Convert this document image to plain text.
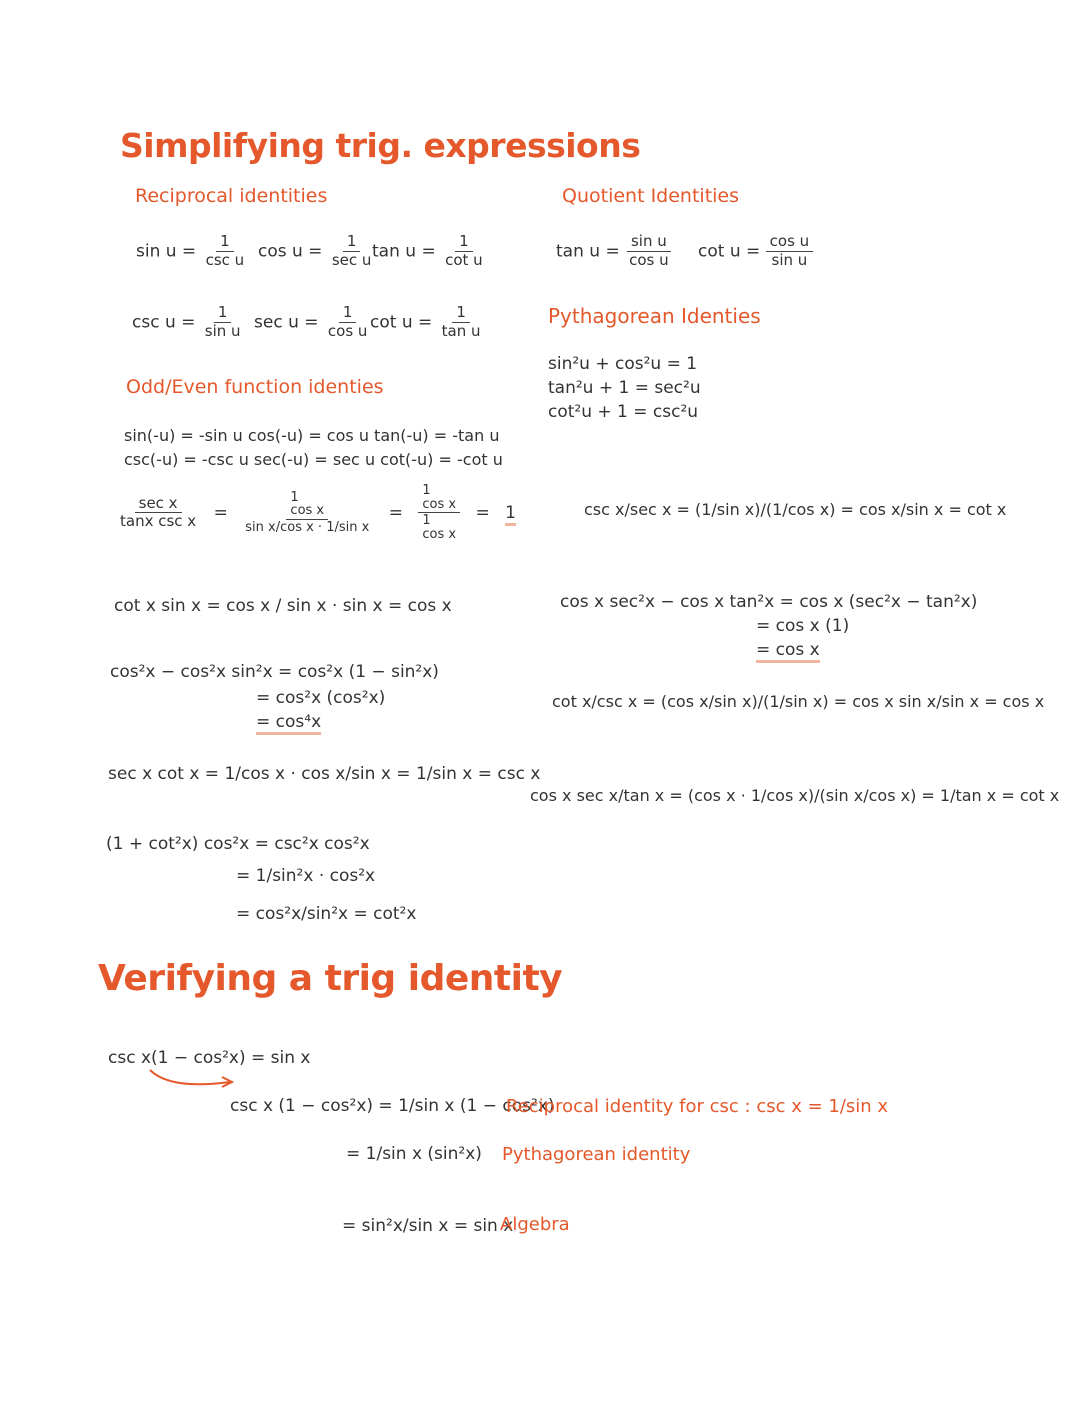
Simplifying trig. expressions
Reciprocal identities
sin u =
1
csc u cos u =
1
sec u $\tan u = \frac{1}{\text{cot u}}$
$\csc u = \frac{1}{\text{sin u}}$ $\sec u = \frac{1}{\text{cos u}}$
$\cot u = \frac{1}{\text{tan u}}$
Quotient Identities
$\tan u = \frac{\text{sin u}}{\text{cos u}}$ $\cot u = \frac{\text{cos u}}{\text{sin u}}$
Pythagorean Identies
sin²u + cos²u = 1
tan²u + 1 = sec²u
cot²u + 1 = csc²u
Odd/Even function identies
sin(-u) = -sin u cos(-u) = cos u tan(-u) = -tan u
csc(-u) = -csc u sec(-u) = sec u cot(-u) = -cot u
sec x
tanx csc x =
1
cos x
sin x/cos x · 1/sin x
=
1
cos x
1
cos x
= 1
cot x sin x = cos x / sin x · sin x = cos x
cos²x − cos²x sin²x = cos²x (1 − sin²x)
= cos²x (cos²x)
= cos⁴x
sec x cot x = 1/cos x · cos x/sin x = 1/sin x = csc x
(1 + cot²x) cos²x = csc²x cos²x
= 1/sin²x · cos²x
= cos²x/sin²x = cot²x
csc x/sec x = (1/sin x)/(1/cos x) = cos x/sin x = cot x
cos x sec²x − cos x tan²x = cos x (sec²x − tan²x)
= cos x (1)
= cos x
cot x/csc x = (cos x/sin x)/(1/sin x) = cos x sin x/sin x = cos x
cos x sec x/tan x = (cos x · 1/cos x)/(sin x/cos x) = 1/tan x = cot x
Verifying a trig identity
csc x(1 − cos²x) = sin x
csc x (1 − cos²x) = 1/sin x (1 − cos²x)
Reciprocal identity for csc : csc x = 1/sin x
= 1/sin x (sin²x) Pythagorean identity
= sin²x/sin x = sin x
Algebra
